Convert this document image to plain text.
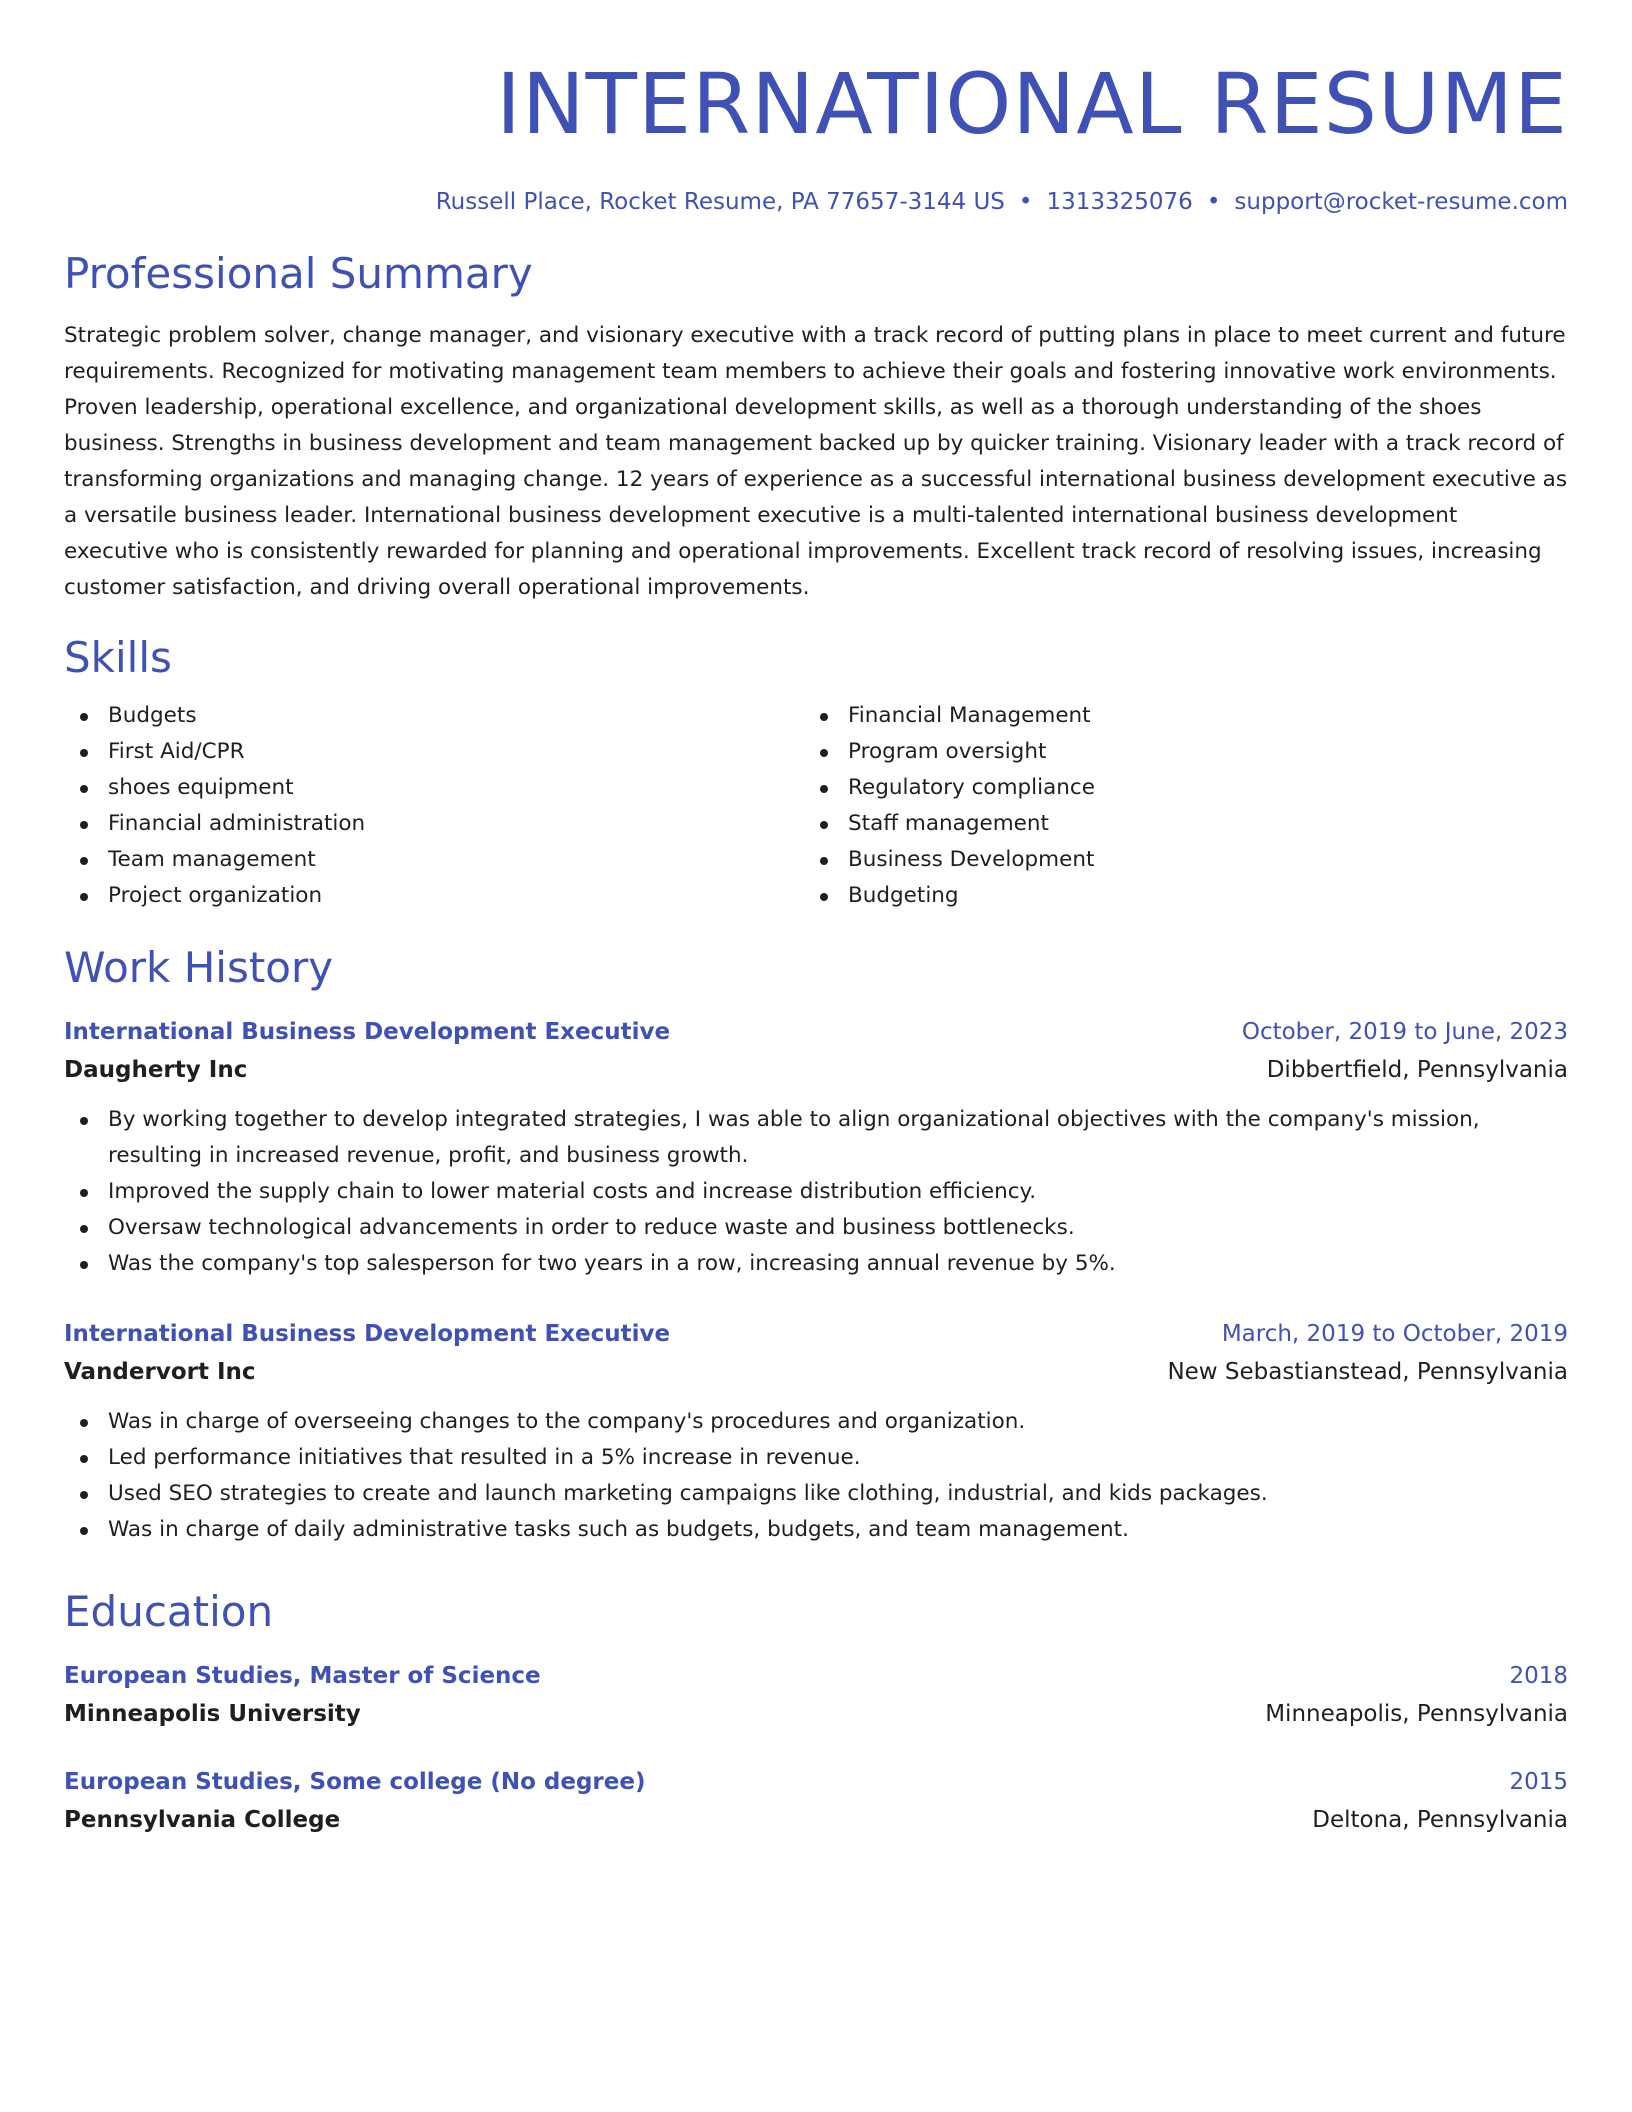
INTERNATIONAL RESUME
Russell Place, Rocket Resume, PA 77657-3144 US • 1313325076 • support@rocket-resume.com
Professional Summary
Strategic problem solver, change manager, and visionary executive with a track record of putting plans in place to meet current and future requirements. Recognized for motivating management team members to achieve their goals and fostering innovative work environments. Proven leadership, operational excellence, and organizational development skills, as well as a thorough understanding of the shoes business. Strengths in business development and team management backed up by quicker training. Visionary leader with a track record of transforming organizations and managing change. 12 years of experience as a successful international business development executive as a versatile business leader. International business development executive is a multi-talented international business development executive who is consistently rewarded for planning and operational improvements. Excellent track record of resolving issues, increasing customer satisfaction, and driving overall operational improvements.
Skills
Budgets
First Aid/CPR
shoes equipment
Financial administration
Team management
Project organization
Financial Management
Program oversight
Regulatory compliance
Staff management
Business Development
Budgeting
Work History
International Business Development Executive	October, 2019 to June, 2023
Daugherty Inc	Dibbertfield, Pennsylvania
By working together to develop integrated strategies, I was able to align organizational objectives with the company's mission, resulting in increased revenue, profit, and business growth.
Improved the supply chain to lower material costs and increase distribution efficiency.
Oversaw technological advancements in order to reduce waste and business bottlenecks.
Was the company's top salesperson for two years in a row, increasing annual revenue by 5%.
International Business Development Executive	March, 2019 to October, 2019
Vandervort Inc	New Sebastianstead, Pennsylvania
Was in charge of overseeing changes to the company's procedures and organization.
Led performance initiatives that resulted in a 5% increase in revenue.
Used SEO strategies to create and launch marketing campaigns like clothing, industrial, and kids packages.
Was in charge of daily administrative tasks such as budgets, budgets, and team management.
Education
European Studies, Master of Science	2018
Minneapolis University	Minneapolis, Pennsylvania
European Studies, Some college (No degree)	2015
Pennsylvania College	Deltona, Pennsylvania
